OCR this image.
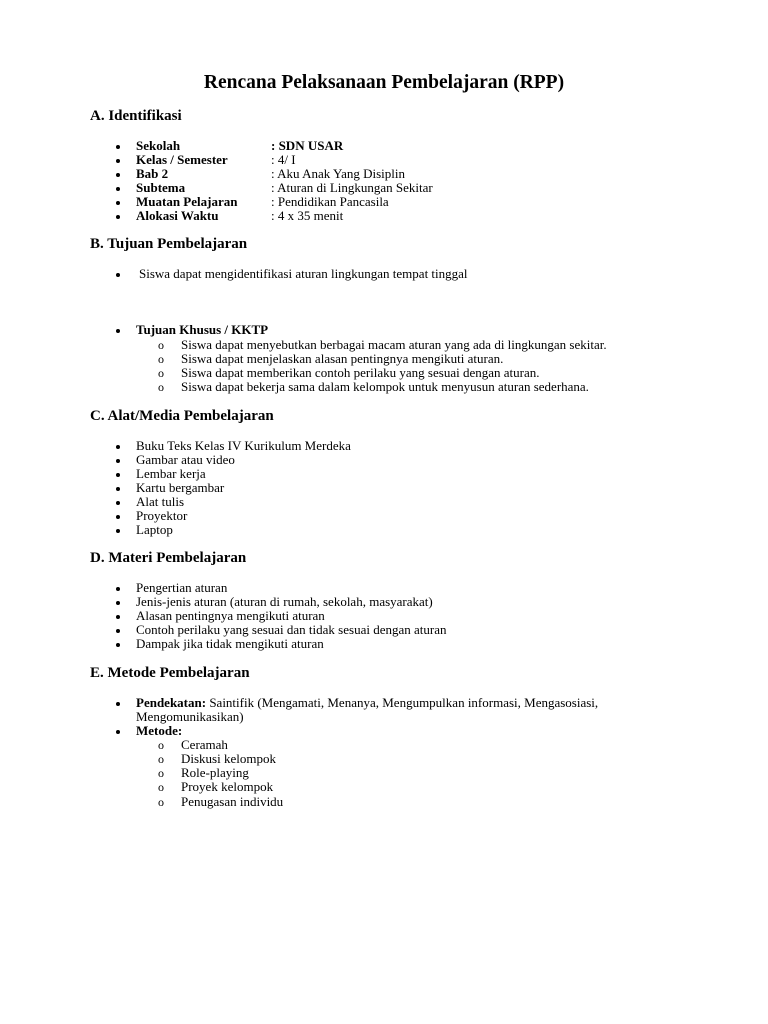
Rencana Pelaksanaan Pembelajaran (RPP)
A. Identifikasi
Sekolah	: SDN USAR
Kelas / Semester	: 4/ I
Bab 2	: Aku Anak Yang Disiplin
Subtema	: Aturan di Lingkungan Sekitar
Muatan Pelajaran	: Pendidikan Pancasila
Alokasi Waktu	: 4 x 35 menit
B. Tujuan Pembelajaran
Siswa dapat mengidentifikasi aturan lingkungan tempat tinggal
Tujuan Khusus / KKTP
o Siswa dapat menyebutkan berbagai macam aturan yang ada di lingkungan sekitar.
o Siswa dapat menjelaskan alasan pentingnya mengikuti aturan.
o Siswa dapat memberikan contoh perilaku yang sesuai dengan aturan.
o Siswa dapat bekerja sama dalam kelompok untuk menyusun aturan sederhana.
C. Alat/Media Pembelajaran
Buku Teks Kelas IV Kurikulum Merdeka
Gambar atau video
Lembar kerja
Kartu bergambar
Alat tulis
Proyektor
Laptop
D. Materi Pembelajaran
Pengertian aturan
Jenis-jenis aturan (aturan di rumah, sekolah, masyarakat)
Alasan pentingnya mengikuti aturan
Contoh perilaku yang sesuai dan tidak sesuai dengan aturan
Dampak jika tidak mengikuti aturan
E. Metode Pembelajaran
Pendekatan: Saintifik (Mengamati, Menanya, Mengumpulkan informasi, Mengasosiasi,
Mengomunikasikan)
Metode:
o Ceramah
o Diskusi kelompok
o Role-playing
o Proyek kelompok
o Penugasan individu
